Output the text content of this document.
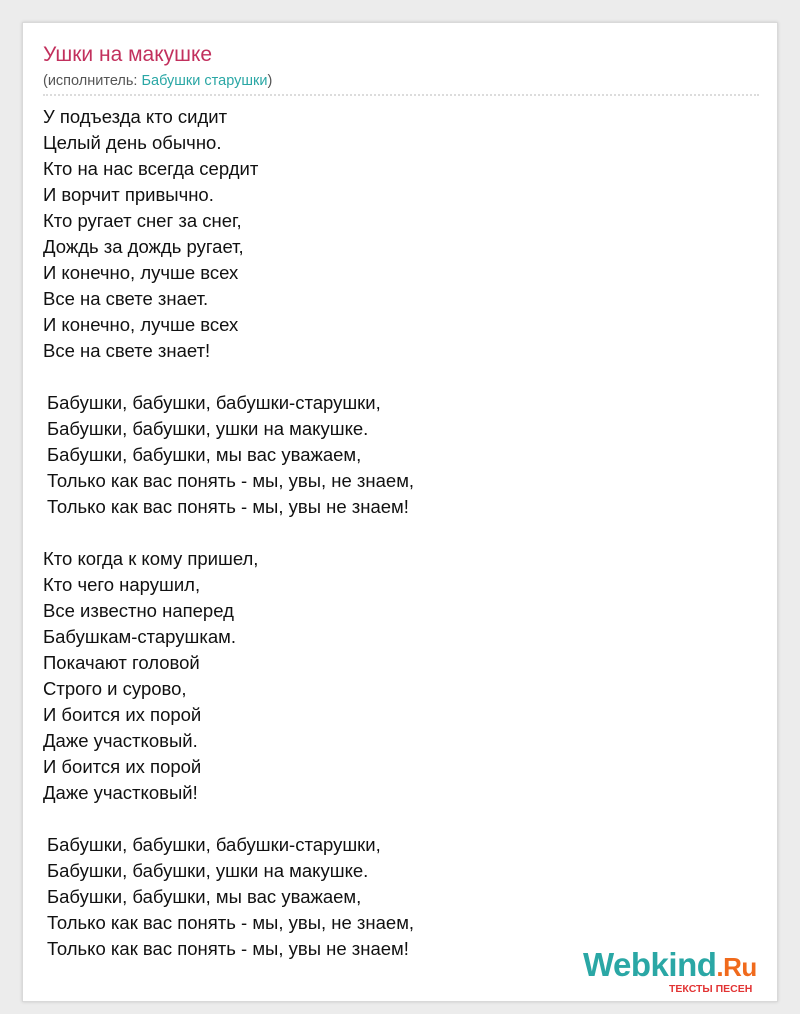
Ушки на макушке
(исполнитель: Бабушки старушки)
У подъезда кто сидит
Целый день обычно.
Кто на нас всегда сердит
И ворчит привычно.
Кто ругает снег за снег,
Дождь за дождь ругает,
И конечно, лучше всех
Все на свете знает.
И конечно, лучше всех
Все на свете знает!
Бабушки, бабушки, бабушки-старушки,
Бабушки, бабушки, ушки на макушке.
Бабушки, бабушки, мы вас уважаем,
Только как вас понять - мы, увы, не знаем,
Только как вас понять - мы, увы не знаем!
Кто когда к кому пришел,
Кто чего нарушил,
Все известно наперед
Бабушкам-старушкам.
Покачают головой
Строго и сурово,
И боится их порой
Даже участковый.
И боится их порой
Даже участковый!
Бабушки, бабушки, бабушки-старушки,
Бабушки, бабушки, ушки на макушке.
Бабушки, бабушки, мы вас уважаем,
Только как вас понять - мы, увы, не знаем,
Только как вас понять - мы, увы не знаем!	Webkind.Ru
ТЕКСТЫ ПЕСЕН
